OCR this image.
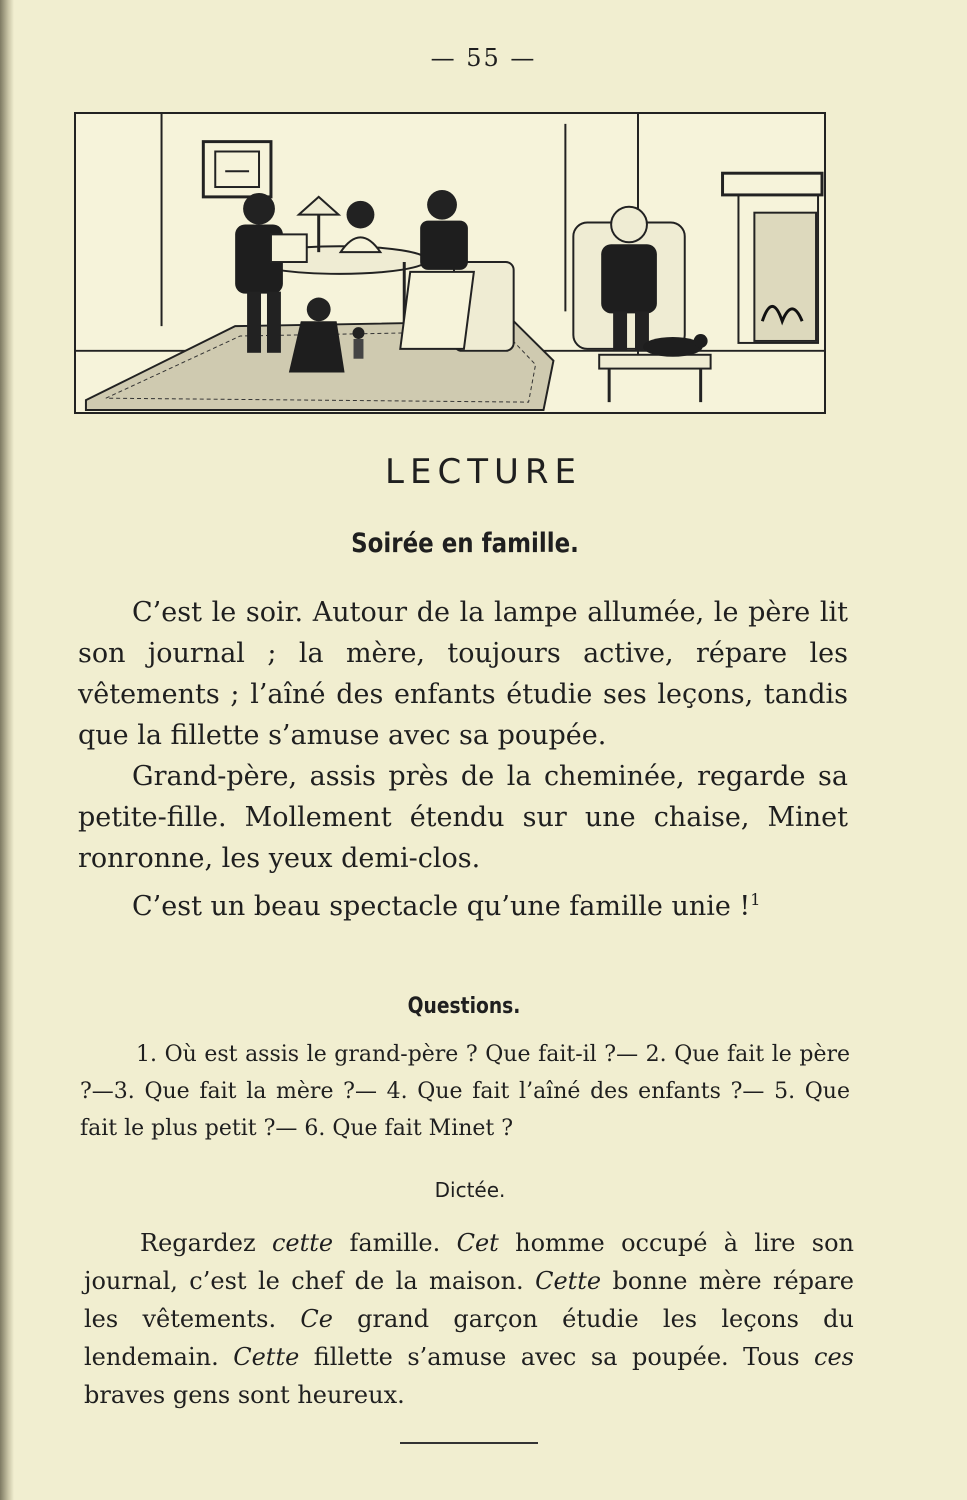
— 55 —
LECTURE
Soirée en famille.

C’est le soir. Autour de la lampe allumée, le père lit son journal ; la mère, toujours active, répare les vêtements ; l’aîné des enfants étudie ses leçons, tandis que la fillette s’amuse avec sa poupée.

Grand-père, assis près de la cheminée, regarde sa petite-fille. Mollement étendu sur une chaise, Minet ronronne, les yeux demi-clos.

C’est un beau spectacle qu’une famille unie !$^1$

Questions.
1. Où est assis le grand-père ? Que fait-il ?— 2. Que fait le père ?—3. Que fait la mère ?— 4. Que fait l’aîné des enfants ?— 5. Que fait le plus petit ?— 6. Que fait Minet ?
Dictée.
Regardez cette famille. Cet homme occupé à lire son journal, c’est le chef de la maison. Cette bonne mère répare les vêtements. Ce grand garçon étudie les leçons du lendemain. Cette fillette s’amuse avec sa poupée. Tous ces braves gens sont heureux.
